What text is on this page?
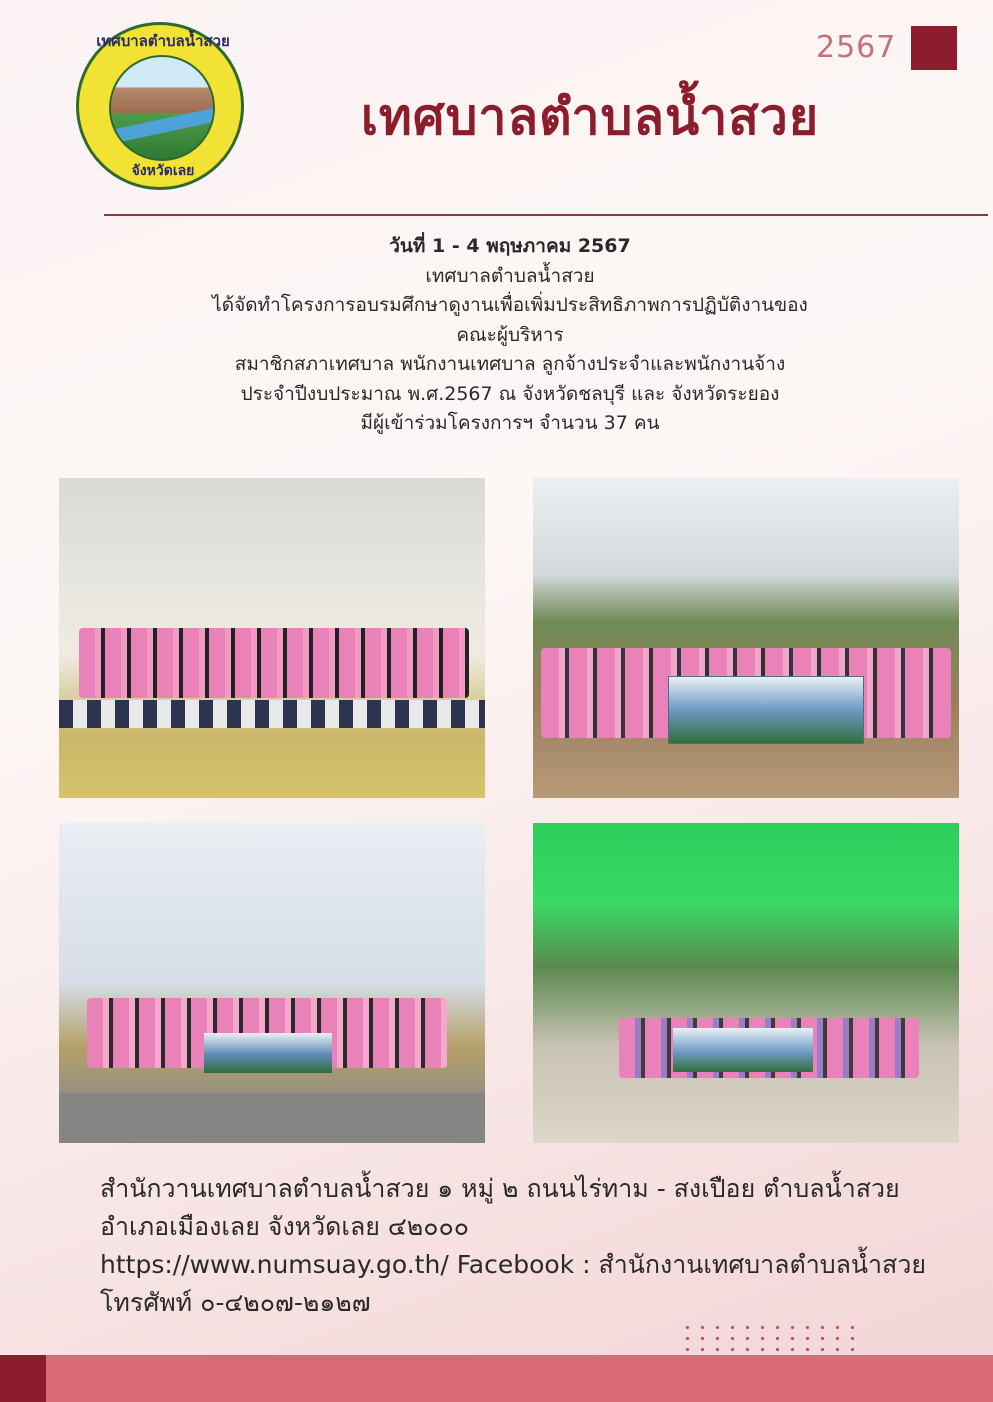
เทศบาลตำบลน้ำสวย
จังหวัดเลย
2567
เทศบาลตำบลน้ำสวย
วันที่ 1 - 4 พฤษภาคม 2567
เทศบาลตำบลน้ำสวย
ได้จัดทำโครงการอบรมศึกษาดูงานเพื่อเพิ่มประสิทธิภาพการปฏิบัติงานของ
คณะผู้บริหาร
สมาชิกสภาเทศบาล พนักงานเทศบาล ลูกจ้างประจำและพนักงานจ้าง
ประจำปีงบประมาณ พ.ศ.2567 ณ จังหวัดชลบุรี และ จังหวัดระยอง
มีผู้เข้าร่วมโครงการฯ จำนวน 37 คน
สำนักวานเทศบาลตำบลน้ำสวย ๑ หมู่ ๒ ถนนไร่ทาม - สงเปือย ตำบลน้ำสวย
อำเภอเมืองเลย จังหวัดเลย ๔๒๐๐๐
https://www.numsuay.go.th/ Facebook : สำนักงานเทศบาลตำบลน้ำสวย
โทรศัพท์ ๐-๔๒๐๗-๒๑๒๗
